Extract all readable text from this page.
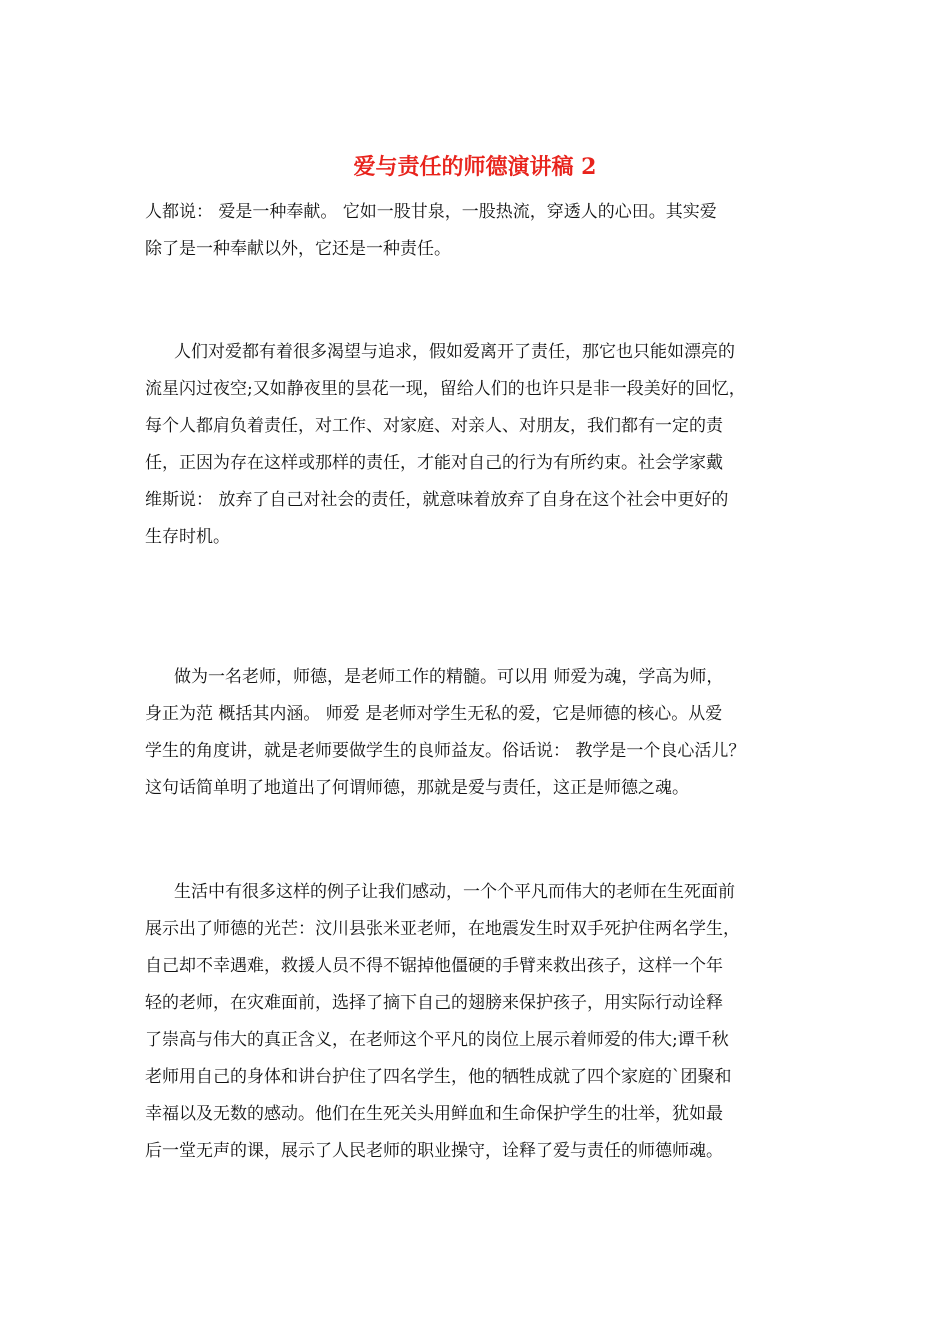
爱与责任的师德演讲稿 2

人都说： 爱是一种奉献。 它如一股甘泉，一股热流，穿透人的心田。其实爱

除了是一种奉献以外，它还是一种责任。

人们对爱都有着很多渴望与追求，假如爱离开了责任，那它也只能如漂亮的

流星闪过夜空;又如静夜里的昙花一现，留给人们的也许只是非一段美好的回忆，

每个人都肩负着责任，对工作、对家庭、对亲人、对朋友，我们都有一定的责

任，正因为存在这样或那样的责任，才能对自己的行为有所约束。社会学家戴

维斯说： 放弃了自己对社会的责任，就意味着放弃了自身在这个社会中更好的

生存时机。

做为一名老师，师德，是老师工作的精髓。可以用 师爱为魂，学高为师，

身正为范 概括其内涵。 师爱 是老师对学生无私的爱，它是师德的核心。从爱

学生的角度讲，就是老师要做学生的良师益友。俗话说： 教学是一个良心活儿？

这句话简单明了地道出了何谓师德，那就是爱与责任，这正是师德之魂。

生活中有很多这样的例子让我们感动，一个个平凡而伟大的老师在生死面前

展示出了师德的光芒：汶川县张米亚老师，在地震发生时双手死护住两名学生，

自己却不幸遇难，救援人员不得不锯掉他僵硬的手臂来救出孩子，这样一个年

轻的老师，在灾难面前，选择了摘下自己的翅膀来保护孩子，用实际行动诠释

了崇高与伟大的真正含义，在老师这个平凡的岗位上展示着师爱的伟大;谭千秋

老师用自己的身体和讲台护住了四名学生，他的牺牲成就了四个家庭的`团聚和

幸福以及无数的感动。他们在生死关头用鲜血和生命保护学生的壮举，犹如最

后一堂无声的课，展示了人民老师的职业操守，诠释了爱与责任的师德师魂。
